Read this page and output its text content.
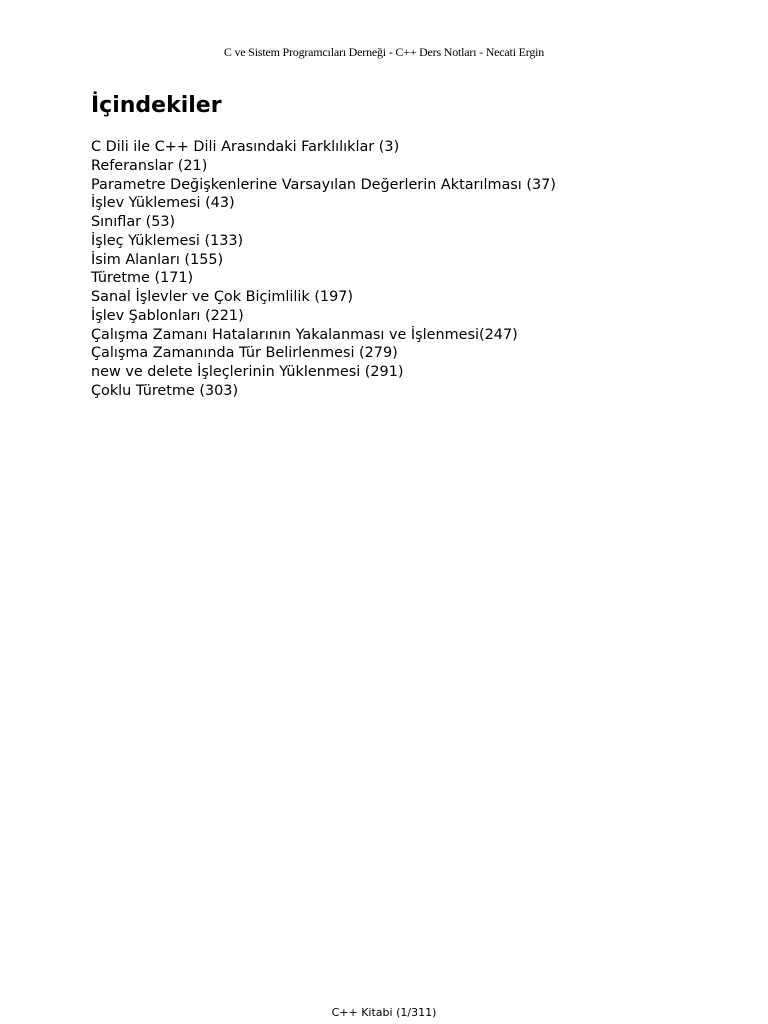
C ve Sistem Programcıları Derneği - C++ Ders Notları - Necati Ergin
İçindekiler
C Dili ile C++ Dili Arasındaki Farklılıklar (3)
Referanslar (21)
Parametre Değişkenlerine Varsayılan Değerlerin Aktarılması (37)
İşlev Yüklemesi (43)
Sınıflar (53)
İşleç Yüklemesi (133)
İsim Alanları (155)
Türetme (171)
Sanal İşlevler ve Çok Biçimlilik (197)
İşlev Şablonları (221)
Çalışma Zamanı Hatalarının Yakalanması ve İşlenmesi(247)
Çalışma Zamanında Tür Belirlenmesi (279)
new ve delete İşleçlerinin Yüklenmesi (291)
Çoklu Türetme (303)
C++ Kitabi (1/311)
